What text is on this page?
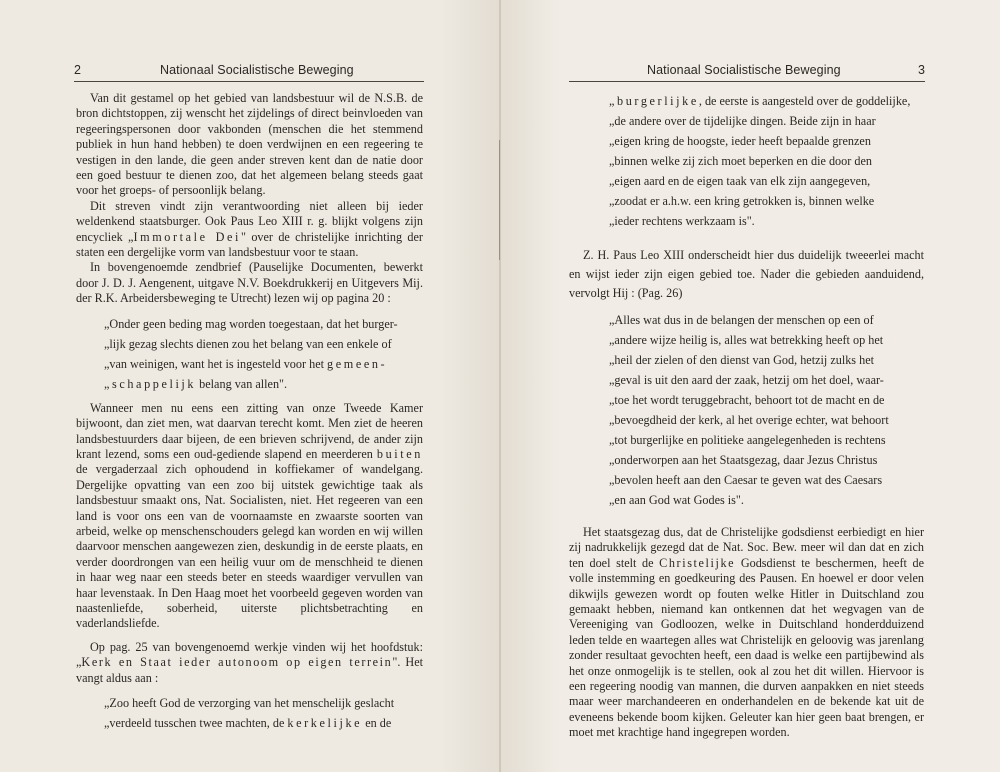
2	Nationaal Socialistische Beweging

Van dit gestamel op het gebied van landsbestuur wil de N.S.B. de bron dichtstoppen, zij wenscht het zijdelings of direct beinvloeden van regeeringspersonen door vakbonden (menschen die het stemmend publiek in hun hand hebben) te doen verdwijnen en een regeering te vestigen in den lande, die geen ander streven kent dan de natie door een goed bestuur te dienen zoo, dat het algemeen belang steeds gaat voor het groeps- of persoonlijk belang.

Dit streven vindt zijn verantwoording niet alleen bij ieder weldenkend staatsburger. Ook Paus Leo XIII r. g. blijkt volgens zijn encycliek „Immortale Dei" over de christelijke inrichting der staten een dergelijke vorm van landsbestuur voor te staan.

In bovengenoemde zendbrief (Pauselijke Documenten, bewerkt door J. D. J. Aengenent, uitgave N.V. Boekdrukkerij en Uitgevers Mij. der R.K. Arbeidersbeweging te Utrecht) lezen wij op pagina 20 :

„Onder geen beding mag worden toegestaan, dat het burger-
„lijk gezag slechts dienen zou het belang van een enkele of
„van weinigen, want het is ingesteld voor het gemeen-
„schappelijk belang van allen".

Wanneer men nu eens een zitting van onze Tweede Kamer bijwoont, dan ziet men, wat daarvan terecht komt. Men ziet de heeren landsbestuurders daar bijeen, de een brieven schrijvend, de ander zijn krant lezend, soms een oud-gediende slapend en meerderen buiten de vergaderzaal zich ophoudend in koffiekamer of wandelgang. Dergelijke opvatting van een zoo bij uitstek gewichtige taak als landsbestuur smaakt ons, Nat. Socialisten, niet. Het regeeren van een land is voor ons een van de voornaamste en zwaarste soorten van arbeid, welke op menschenschouders gelegd kan worden en wij willen daarvoor menschen aangewezen zien, deskundig in de eerste plaats, en verder doordrongen van een heilig vuur om de menschheid te dienen in haar weg naar een steeds beter en steeds waardiger vervullen van haar levenstaak. In Den Haag moet het voorbeeld gegeven worden van naastenliefde, soberheid, uiterste plichtsbetrachting en vaderlandsliefde.

Op pag. 25 van bovengenoemd werkje vinden wij het hoofdstuk: „Kerk en Staat ieder autonoom op eigen terrein". Het vangt aldus aan :

„Zoo heeft God de verzorging van het menschelijk geslacht
„verdeeld tusschen twee machten, de kerkelijke en de
Nationaal Socialistische Beweging	3
„burgerlijke, de eerste is aangesteld over de goddelijke,
„de andere over de tijdelijke dingen. Beide zijn in haar
„eigen kring de hoogste, ieder heeft bepaalde grenzen
„binnen welke zij zich moet beperken en die door den
„eigen aard en de eigen taak van elk zijn aangegeven,
„zoodat er a.h.w. een kring getrokken is, binnen welke
„ieder rechtens werkzaam is".

Z. H. Paus Leo XIII onderscheidt hier dus duidelijk tweeerlei macht en wijst ieder zijn eigen gebied toe. Nader die gebieden aanduidend, vervolgt Hij : (Pag. 26)

„Alles wat dus in de belangen der menschen op een of
„andere wijze heilig is, alles wat betrekking heeft op het
„heil der zielen of den dienst van God, hetzij zulks het
„geval is uit den aard der zaak, hetzij om het doel, waar-
„toe het wordt teruggebracht, behoort tot de macht en de
„bevoegdheid der kerk, al het overige echter, wat behoort
„tot burgerlijke en politieke aangelegenheden is rechtens
„onderworpen aan het Staatsgezag, daar Jezus Christus
„bevolen heeft aan den Caesar te geven wat des Caesars
„en aan God wat Godes is".

Het staatsgezag dus, dat de Christelijke godsdienst eerbiedigt en hier zij nadrukkelijk gezegd dat de Nat. Soc. Bew. meer wil dan dat en zich ten doel stelt de Christelijke Godsdienst te beschermen, heeft de volle instemming en goedkeuring des Pausen. En hoewel er door velen dikwijls gewezen wordt op fouten welke Hitler in Duitschland zou gemaakt hebben, niemand kan ontkennen dat het wegvagen van de Vereeniging van Godloozen, welke in Duitschland honderdduizend leden telde en waartegen alles wat Christelijk en geloovig was jarenlang zonder resultaat gevochten heeft, een daad is welke een partijbewind als het onze onmogelijk is te stellen, ook al zou het dit willen. Hiervoor is een regeering noodig van mannen, die durven aanpakken en niet steeds maar weer marchandeeren en onderhandelen en de bekende kat uit de eveneens bekende boom kijken. Geleuter kan hier geen baat brengen, er moet met krachtige hand ingegrepen worden.
